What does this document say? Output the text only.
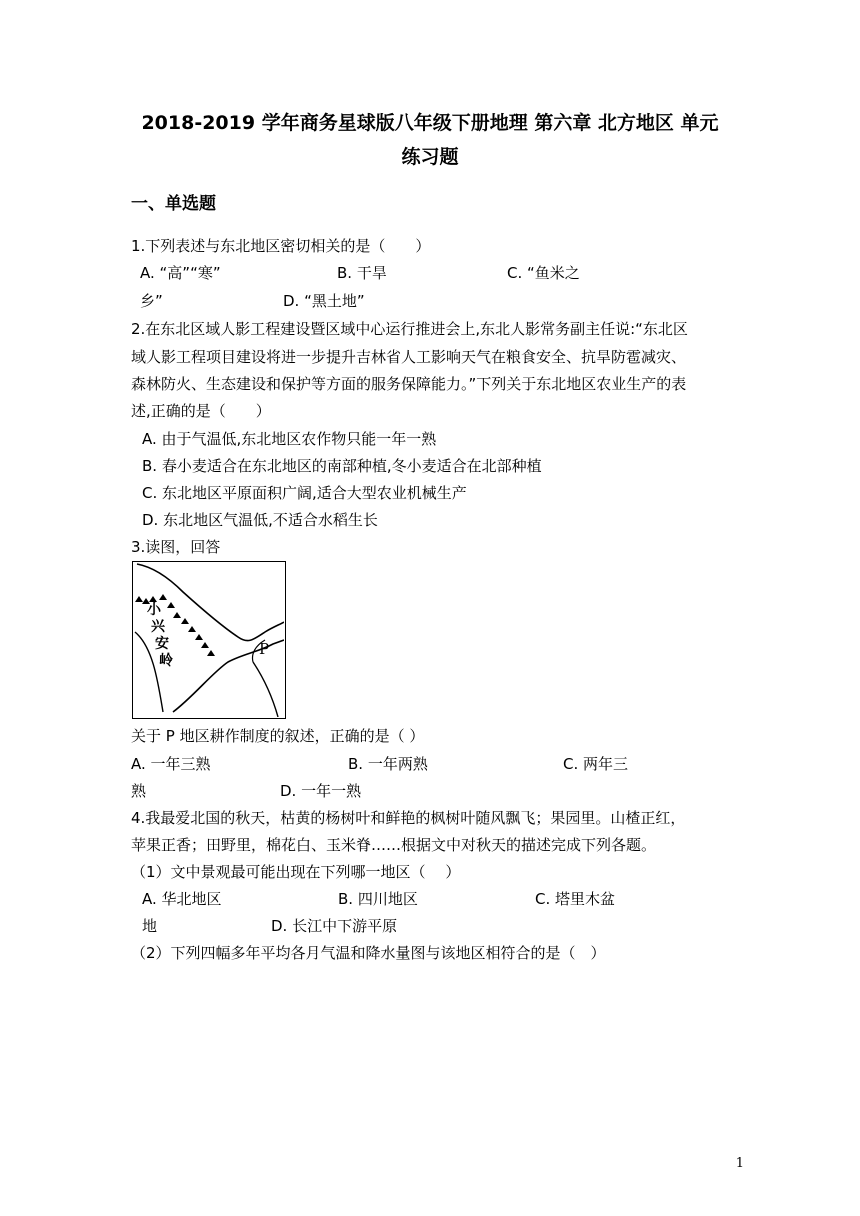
2018-2019 学年商务星球版八年级下册地理 第六章 北方地区 单元
练习题
一、单选题
1.下列表述与东北地区密切相关的是（　　）
A. “高”“寒”	B. 干旱	C. “鱼米之
乡”	D. “黑土地”
2.在东北区域人影工程建设暨区域中心运行推进会上,东北人影常务副主任说:“东北区
域人影工程项目建设将进一步提升吉林省人工影响天气在粮食安全、抗旱防雹减灾、
森林防火、生态建设和保护等方面的服务保障能力。”下列关于东北地区农业生产的表
述,正确的是（　　）
A. 由于气温低,东北地区农作物只能一年一熟
B. 春小麦适合在东北地区的南部种植,冬小麦适合在北部种植
C. 东北地区平原面积广阔,适合大型农业机械生产
D. 东北地区气温低,不适合水稻生长
3.读图，回答
小 兴 安 岭
P
关于 P 地区耕作制度的叙述，正确的是（ ）
A. 一年三熟	B. 一年两熟	C. 两年三
熟	D. 一年一熟
4.我最爱北国的秋天，枯黄的杨树叶和鲜艳的枫树叶随风飘飞；果园里。山楂正红，
苹果正香；田野里，棉花白、玉米脊……根据文中对秋天的描述完成下列各题。
（1）文中景观最可能出现在下列哪一地区（　 ）
A. 华北地区	B. 四川地区	C. 塔里木盆
地	D. 长江中下游平原
（2）下列四幅多年平均各月气温和降水量图与该地区相符合的是（　）
1
